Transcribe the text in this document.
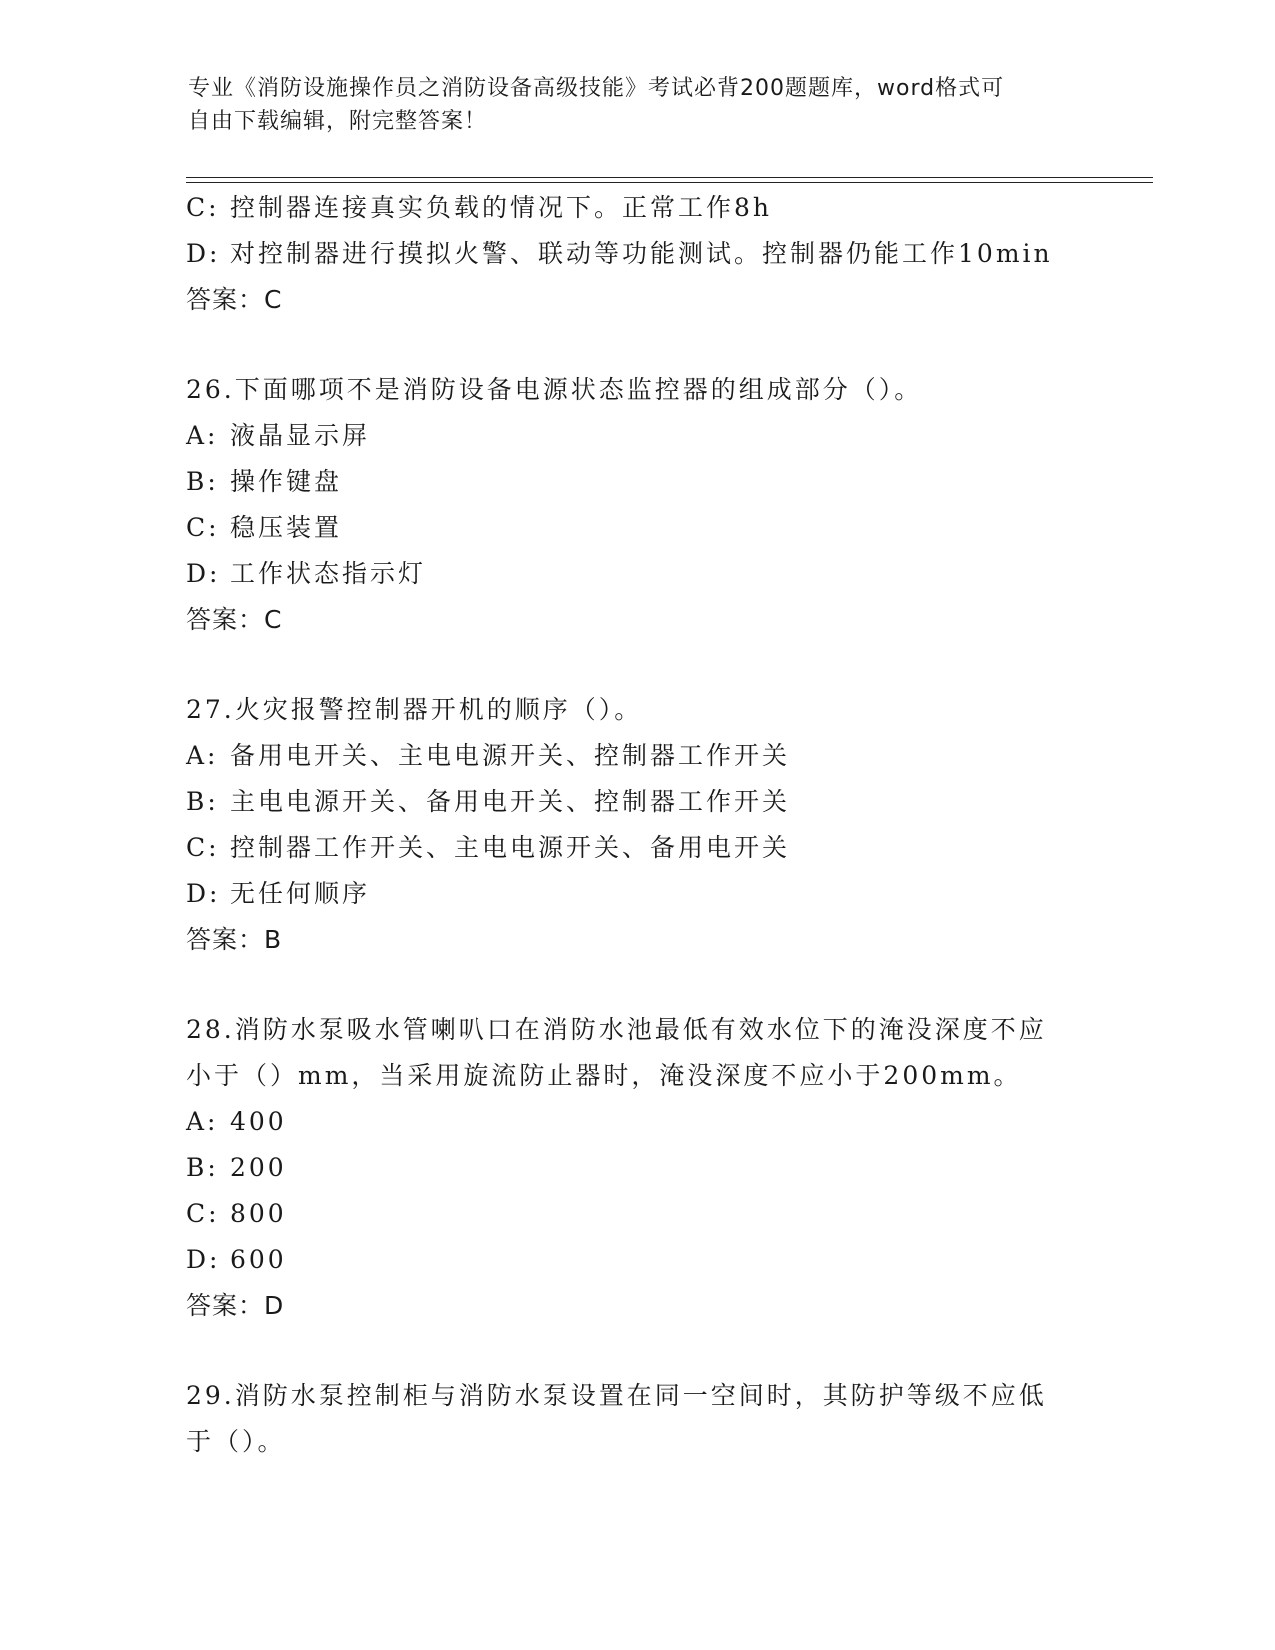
专业《消防设施操作员之消防设备高级技能》考试必背200题题库，word格式可
自由下载编辑，附完整答案！
C: 控制器连接真实负载的情况下。正常工作8h
D: 对控制器进行摸拟火警、联动等功能测试。控制器仍能工作10min
答案：C
26.下面哪项不是消防设备电源状态监控器的组成部分（）。
A: 液晶显示屏
B: 操作键盘
C: 稳压装置
D: 工作状态指示灯
答案：C
27.火灾报警控制器开机的顺序（）。
A: 备用电开关、主电电源开关、控制器工作开关
B: 主电电源开关、备用电开关、控制器工作开关
C: 控制器工作开关、主电电源开关、备用电开关
D: 无任何顺序
答案：B
28.消防水泵吸水管喇叭口在消防水池最低有效水位下的淹没深度不应
小于（）mm，当采用旋流防止器时，淹没深度不应小于200mm。
A: 400
B: 200
C: 800
D: 600
答案：D
29.消防水泵控制柜与消防水泵设置在同一空间时，其防护等级不应低
于（）。
